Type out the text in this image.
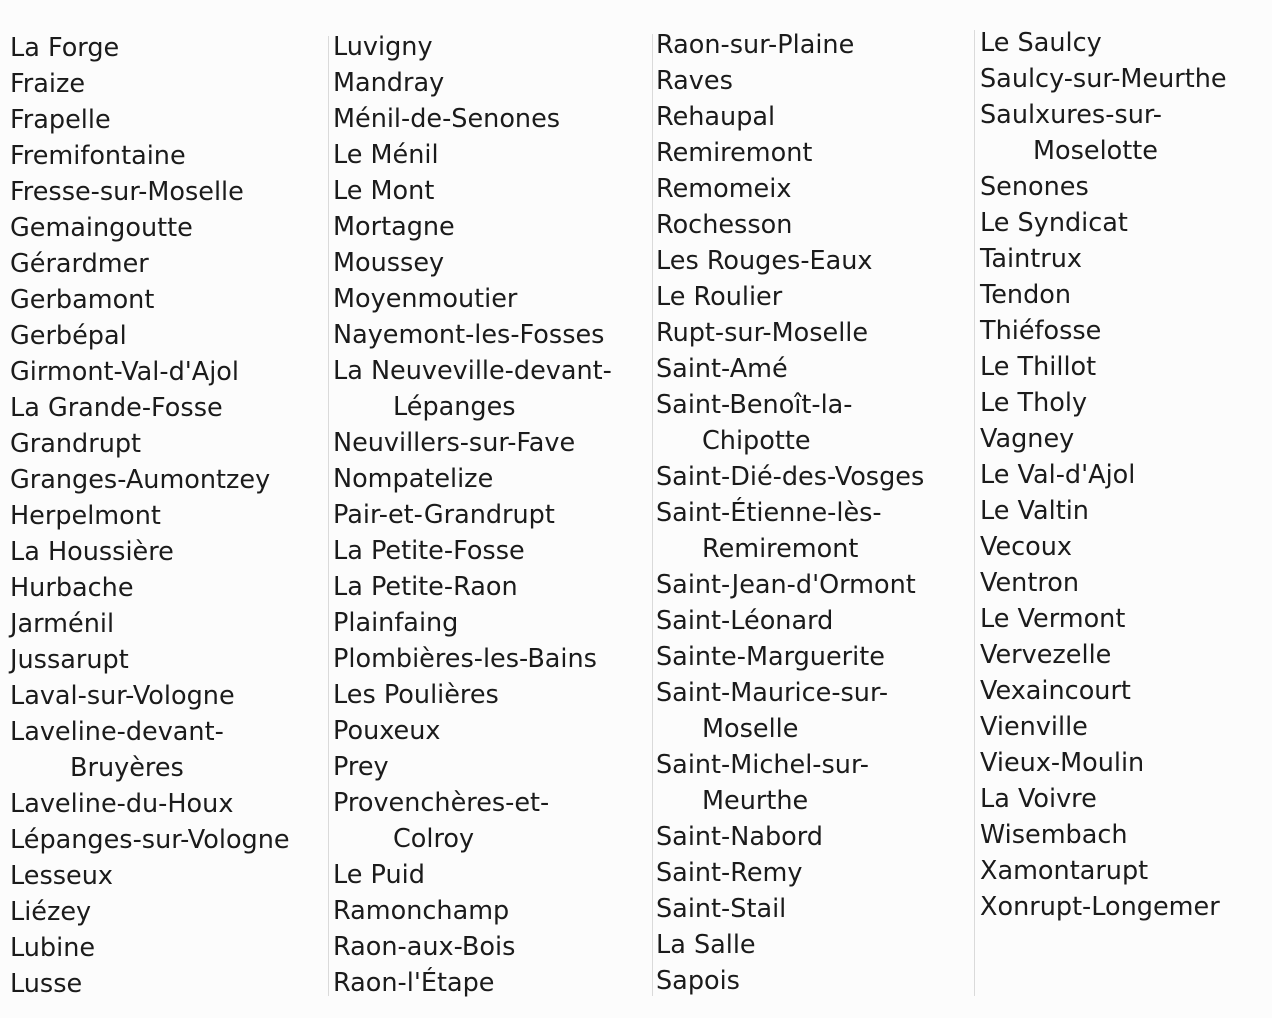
La Forge
Fraize
Frapelle
Fremifontaine
Fresse-sur-Moselle
Gemaingoutte
Gérardmer
Gerbamont
Gerbépal
Girmont-Val-d'Ajol
La Grande-Fosse
Grandrupt
Granges-Aumontzey
Herpelmont
La Houssière
Hurbache
Jarménil
Jussarupt
Laval-sur-Vologne
Laveline-devant-
Bruyères
Laveline-du-Houx
Lépanges-sur-Vologne
Lesseux
Liézey
Lubine
Lusse
Luvigny
Mandray
Ménil-de-Senones
Le Ménil
Le Mont
Mortagne
Moussey
Moyenmoutier
Nayemont-les-Fosses
La Neuveville-devant-
Lépanges
Neuvillers-sur-Fave
Nompatelize
Pair-et-Grandrupt
La Petite-Fosse
La Petite-Raon
Plainfaing
Plombières-les-Bains
Les Poulières
Pouxeux
Prey
Provenchères-et-
Colroy
Le Puid
Ramonchamp
Raon-aux-Bois
Raon-l'Étape
Raon-sur-Plaine
Raves
Rehaupal
Remiremont
Remomeix
Rochesson
Les Rouges-Eaux
Le Roulier
Rupt-sur-Moselle
Saint-Amé
Saint-Benoît-la-
Chipotte
Saint-Dié-des-Vosges
Saint-Étienne-lès-
Remiremont
Saint-Jean-d'Ormont
Saint-Léonard
Sainte-Marguerite
Saint-Maurice-sur-
Moselle
Saint-Michel-sur-
Meurthe
Saint-Nabord
Saint-Remy
Saint-Stail
La Salle
Sapois
Le Saulcy
Saulcy-sur-Meurthe
Saulxures-sur-
Moselotte
Senones
Le Syndicat
Taintrux
Tendon
Thiéfosse
Le Thillot
Le Tholy
Vagney
Le Val-d'Ajol
Le Valtin
Vecoux
Ventron
Le Vermont
Vervezelle
Vexaincourt
Vienville
Vieux-Moulin
La Voivre
Wisembach
Xamontarupt
Xonrupt-Longemer
